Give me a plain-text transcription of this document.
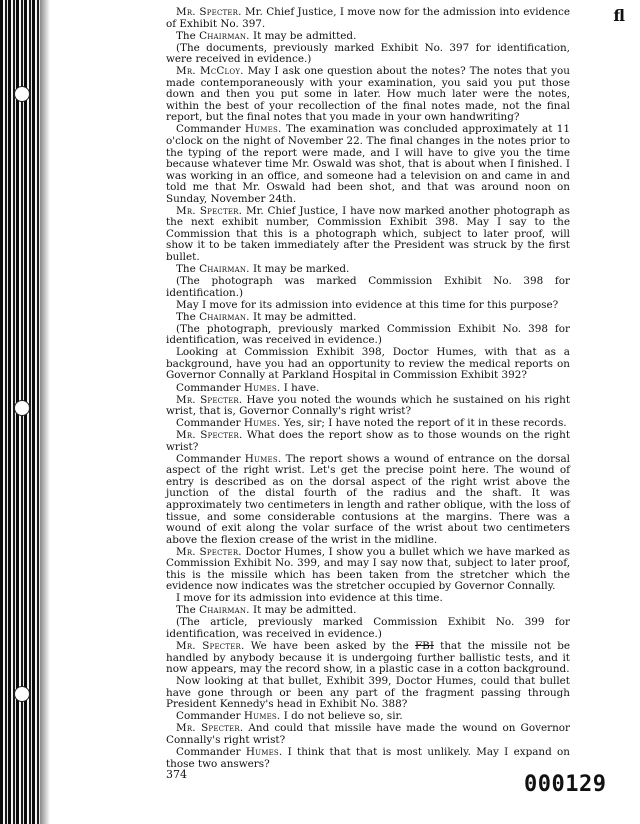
ﬂ

Mr. Specter. Mr. Chief Justice, I move now for the admission into evidence of Exhibit No. 397.

The Chairman. It may be admitted.

(The documents, previously marked Exhibit No. 397 for identification, were received in evidence.)

Mr. McCloy. May I ask one question about the notes? The notes that you made contemporaneously with your examination, you said you put those down and then you put some in later. How much later were the notes, within the best of your recollection of the final notes made, not the final report, but the final notes that you made in your own handwriting?

Commander Humes. The examination was concluded approximately at 11 o'clock on the night of November 22. The final changes in the notes prior to the typing of the report were made, and I will have to give you the time because whatever time Mr. Oswald was shot, that is about when I finished. I was working in an office, and someone had a television on and came in and told me that Mr. Oswald had been shot, and that was around noon on Sunday, November 24th.

Mr. Specter. Mr. Chief Justice, I have now marked another photograph as the next exhibit number, Commission Exhibit 398. May I say to the Commission that this is a photograph which, subject to later proof, will show it to be taken immediately after the President was struck by the first bullet.

The Chairman. It may be marked.

(The photograph was marked Commission Exhibit No. 398 for identification.)

May I move for its admission into evidence at this time for this purpose?

The Chairman. It may be admitted.

(The photograph, previously marked Commission Exhibit No. 398 for identification, was received in evidence.)

Looking at Commission Exhibit 398, Doctor Humes, with that as a background, have you had an opportunity to review the medical reports on Governor Connally at Parkland Hospital in Commission Exhibit 392?

Commander Humes. I have.

Mr. Specter. Have you noted the wounds which he sustained on his right wrist, that is, Governor Connally's right wrist?

Commander Humes. Yes, sir; I have noted the report of it in these records.

Mr. Specter. What does the report show as to those wounds on the right wrist?

Commander Humes. The report shows a wound of entrance on the dorsal aspect of the right wrist. Let's get the precise point here. The wound of entry is described as on the dorsal aspect of the right wrist above the junction of the distal fourth of the radius and the shaft. It was approximately two centimeters in length and rather oblique, with the loss of tissue, and some considerable contusions at the margins. There was a wound of exit along the volar surface of the wrist about two centimeters above the flexion crease of the wrist in the midline.

Mr. Specter. Doctor Humes, I show you a bullet which we have marked as Commission Exhibit No. 399, and may I say now that, subject to later proof, this is the missile which has been taken from the stretcher which the evidence now indicates was the stretcher occupied by Governor Connally.

I move for its admission into evidence at this time.

The Chairman. It may be admitted.

(The article, previously marked Commission Exhibit No. 399 for identification, was received in evidence.)

Mr. Specter. We have been asked by the FBI that the missile not be handled by anybody because it is undergoing further ballistic tests, and it now appears, may the record show, in a plastic case in a cotton background.

Now looking at that bullet, Exhibit 399, Doctor Humes, could that bullet have gone through or been any part of the fragment passing through President Kennedy's head in Exhibit No. 388?

Commander Humes. I do not believe so, sir.

Mr. Specter. And could that missile have made the wound on Governor Connally's right wrist?

Commander Humes. I think that that is most unlikely. May I expand on those two answers?

374	000129
